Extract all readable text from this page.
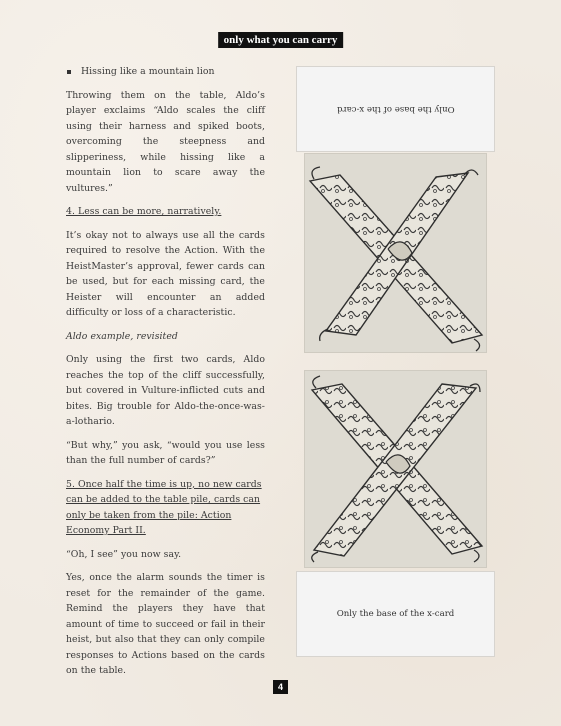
only what you can carry
Hissing like a mountain lion

Throwing them on the table, Aldo’s player exclaims “Aldo scales the cliff using their harness and spiked boots, overcoming the steepness and slipperiness, while hissing like a mountain lion to scare away the vultures.”

4. Less can be more, narratively.

It’s okay not to always use all the cards required to resolve the Action. With the HeistMaster’s approval, fewer cards can be used, but for each missing card, the Heister will encounter an added difficulty or loss of a characteristic.

Aldo example, revisited

Only using the first two cards, Aldo reaches the top of the cliff successfully, but covered in Vulture-inflicted cuts and bites. Big trouble for Aldo-the-once-was-a-lothario.

“But why,” you ask, “would you use less than the full number of cards?”

5. Once half the time is up, no new cards can be added to the table pile, cards can only be taken from the pile: Action Economy Part II.

“Oh, I see” you now say.

Yes, once the alarm sounds the timer is reset for the remainder of the game. Remind the players they have that amount of time to succeed or fail in their heist, but also that they can only compile responses to Actions based on the cards on the table.

Only the base of the x-card
Only the base of the x-card
4
